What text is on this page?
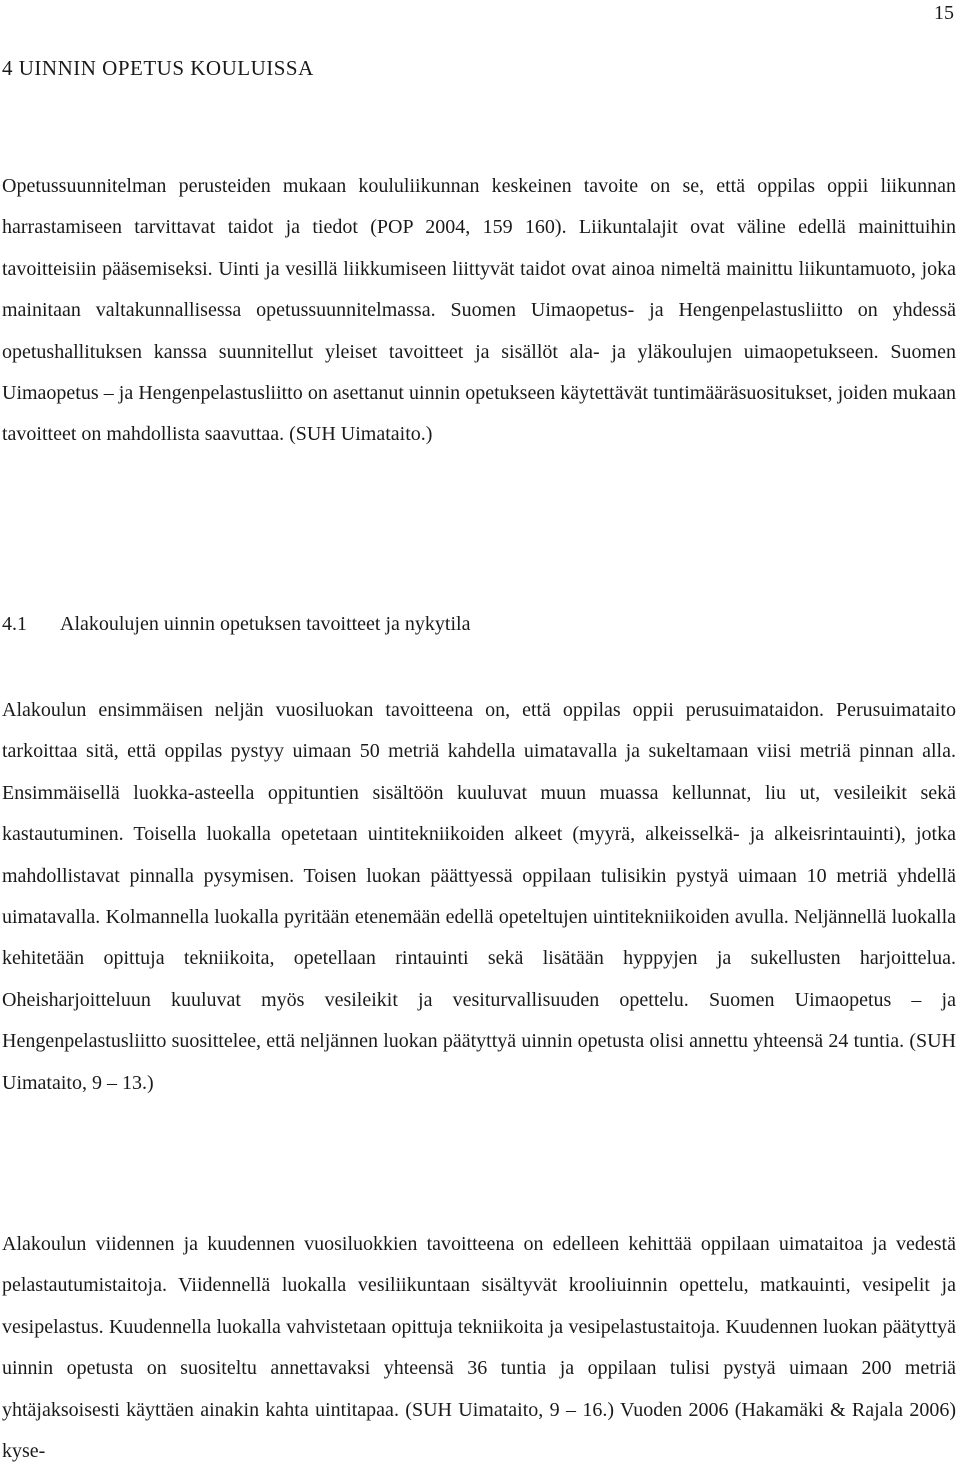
15
4 UINNIN OPETUS KOULUISSA

Opetussuunnitelman perusteiden mukaan koululiikunnan keskeinen tavoite on se, että oppilas oppii liikunnan harrastamiseen tarvittavat taidot ja tiedot (POP 2004, 159 160). Liikuntalajit ovat väline edellä mainittuihin tavoitteisiin pääsemiseksi. Uinti ja vesillä liikkumiseen liittyvät taidot ovat ainoa nimeltä mainittu liikuntamuoto, joka mainitaan valtakunnallisessa opetussuunnitelmassa. Suomen Uimaopetus- ja Hengenpelastusliitto on yhdessä opetushallituksen kanssa suunnitellut yleiset tavoitteet ja sisällöt ala- ja yläkoulujen uimaopetukseen. Suomen Uimaopetus – ja Hengenpelastusliitto on asettanut uinnin opetukseen käytettävät tuntimääräsuositukset, joiden mukaan tavoitteet on mahdollista saavuttaa. (SUH Uimataito.)

4.1 Alakoulujen uinnin opetuksen tavoitteet ja nykytila

Alakoulun ensimmäisen neljän vuosiluokan tavoitteena on, että oppilas oppii perusuimataidon. Perusuimataito tarkoittaa sitä, että oppilas pystyy uimaan 50 metriä kahdella uimatavalla ja sukeltamaan viisi metriä pinnan alla. Ensimmäisellä luokka-asteella oppituntien sisältöön kuuluvat muun muassa kellunnat, liu ut, vesileikit sekä kastautuminen. Toisella luokalla opetetaan uintitekniikoiden alkeet (myyrä, alkeisselkä- ja alkeisrintauinti), jotka mahdollistavat pinnalla pysymisen. Toisen luokan päättyessä oppilaan tulisikin pystyä uimaan 10 metriä yhdellä uimatavalla. Kolmannella luokalla pyritään etenemään edellä opeteltujen uintitekniikoiden avulla. Neljännellä luokalla kehitetään opittuja tekniikoita, opetellaan rintauinti sekä lisätään hyppyjen ja sukellusten harjoittelua. Oheisharjoitteluun kuuluvat myös vesileikit ja vesiturvallisuuden opettelu. Suomen Uimaopetus – ja Hengenpelastusliitto suosittelee, että neljännen luokan päätyttyä uinnin opetusta olisi annettu yhteensä 24 tuntia. (SUH Uimataito, 9 – 13.)

Alakoulun viidennen ja kuudennen vuosiluokkien tavoitteena on edelleen kehittää oppilaan uimataitoa ja vedestä pelastautumistaitoja. Viidennellä luokalla vesiliikuntaan sisältyvät krooliuinnin opettelu, matkauinti, vesipelit ja vesipelastus. Kuudennella luokalla vahvistetaan opittuja tekniikoita ja vesipelastustaitoja. Kuudennen luokan päätyttyä uinnin opetusta on suositeltu annettavaksi yhteensä 36 tuntia ja oppilaan tulisi pystyä uimaan 200 metriä yhtäjaksoisesti käyttäen ainakin kahta uintitapaa. (SUH Uimataito, 9 – 16.) Vuoden 2006 (Hakamäki & Rajala 2006) kyse-
